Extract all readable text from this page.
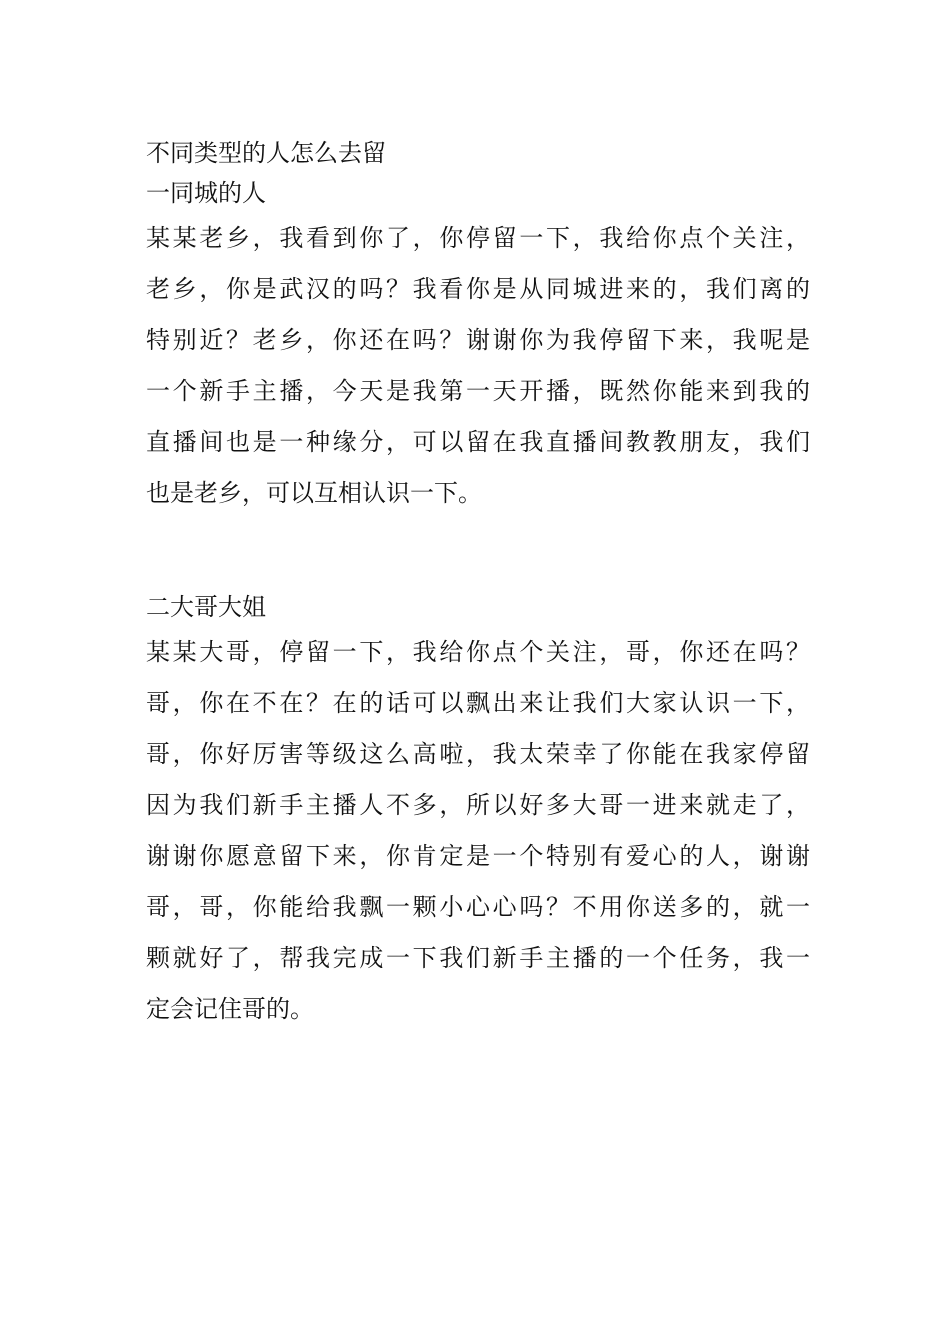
不同类型的人怎么去留
一同城的人
某某老乡，我看到你了，你停留一下，我给你点个关注，
老乡，你是武汉的吗？我看你是从同城进来的，我们离的
特别近？老乡，你还在吗？谢谢你为我停留下来，我呢是
一个新手主播，今天是我第一天开播，既然你能来到我的
直播间也是一种缘分，可以留在我直播间教教朋友，我们
也是老乡，可以互相认识一下。
二大哥大姐
某某大哥，停留一下，我给你点个关注，哥，你还在吗？
哥，你在不在？在的话可以飘出来让我们大家认识一下，
哥，你好厉害等级这么高啦，我太荣幸了你能在我家停留
因为我们新手主播人不多，所以好多大哥一进来就走了，
谢谢你愿意留下来，你肯定是一个特别有爱心的人，谢谢
哥，哥，你能给我飘一颗小心心吗？不用你送多的，就一
颗就好了，帮我完成一下我们新手主播的一个任务，我一
定会记住哥的。
